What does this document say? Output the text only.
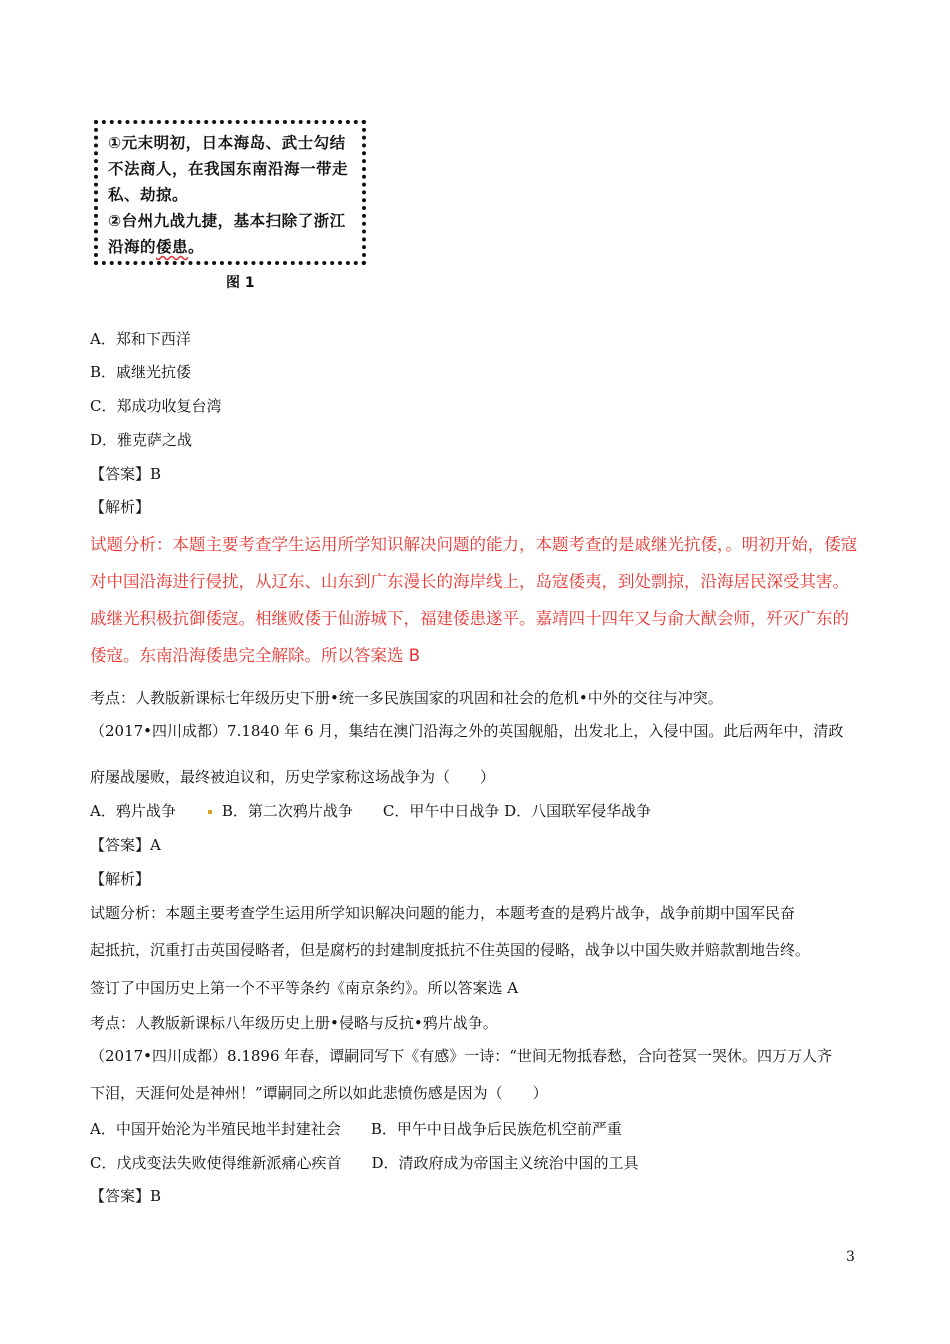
①元末明初，日本海岛、武士勾结
不法商人，在我国东南沿海一带走
私、劫掠。
②台州九战九捷，基本扫除了浙江
沿海的倭患。
图 1
A．郑和下西洋
B．戚继光抗倭
C．郑成功收复台湾
D．雅克萨之战
【答案】B
【解析】
试题分析：本题主要考查学生运用所学知识解决问题的能力，本题考查的是戚继光抗倭，。明初开始，倭寇
对中国沿海进行侵扰，从辽东、山东到广东漫长的海岸线上，岛寇倭夷，到处剽掠，沿海居民深受其害。
戚继光积极抗御倭寇。相继败倭于仙游城下，福建倭患遂平。嘉靖四十四年又与俞大猷会师，歼灭广东的
倭寇。东南沿海倭患完全解除。所以答案选 B
考点：人教版新课标七年级历史下册•统一多民族国家的巩固和社会的危机•中外的交往与冲突。
（2017•四川成都）7.1840 年 6 月，集结在澳门沿海之外的英国舰船，出发北上，入侵中国。此后两年中，清政
府屡战屡败，最终被迫议和，历史学家称这场战争为（　　）
A．鸦片战争	B．第二次鸦片战争　　C．甲午中日战争 D．八国联军侵华战争
【答案】A
【解析】
试题分析：本题主要考查学生运用所学知识解决问题的能力，本题考查的是鸦片战争，战争前期中国军民奋
起抵抗，沉重打击英国侵略者，但是腐朽的封建制度抵抗不住英国的侵略，战争以中国失败并赔款割地告终。
签订了中国历史上第一个不平等条约《南京条约》。所以答案选 A
考点：人教版新课标八年级历史上册•侵略与反抗•鸦片战争。
（2017•四川成都）8.1896 年春，谭嗣同写下《有感》一诗：“世间无物抵春愁，合向苍冥一哭休。四万万人齐
下泪，天涯何处是神州！”谭嗣同之所以如此悲愤伤感是因为（　　）
A．中国开始沦为半殖民地半封建社会　　B．甲午中日战争后民族危机空前严重
C．戊戌变法失败使得维新派痛心疾首　　D．清政府成为帝国主义统治中国的工具
【答案】B
3
